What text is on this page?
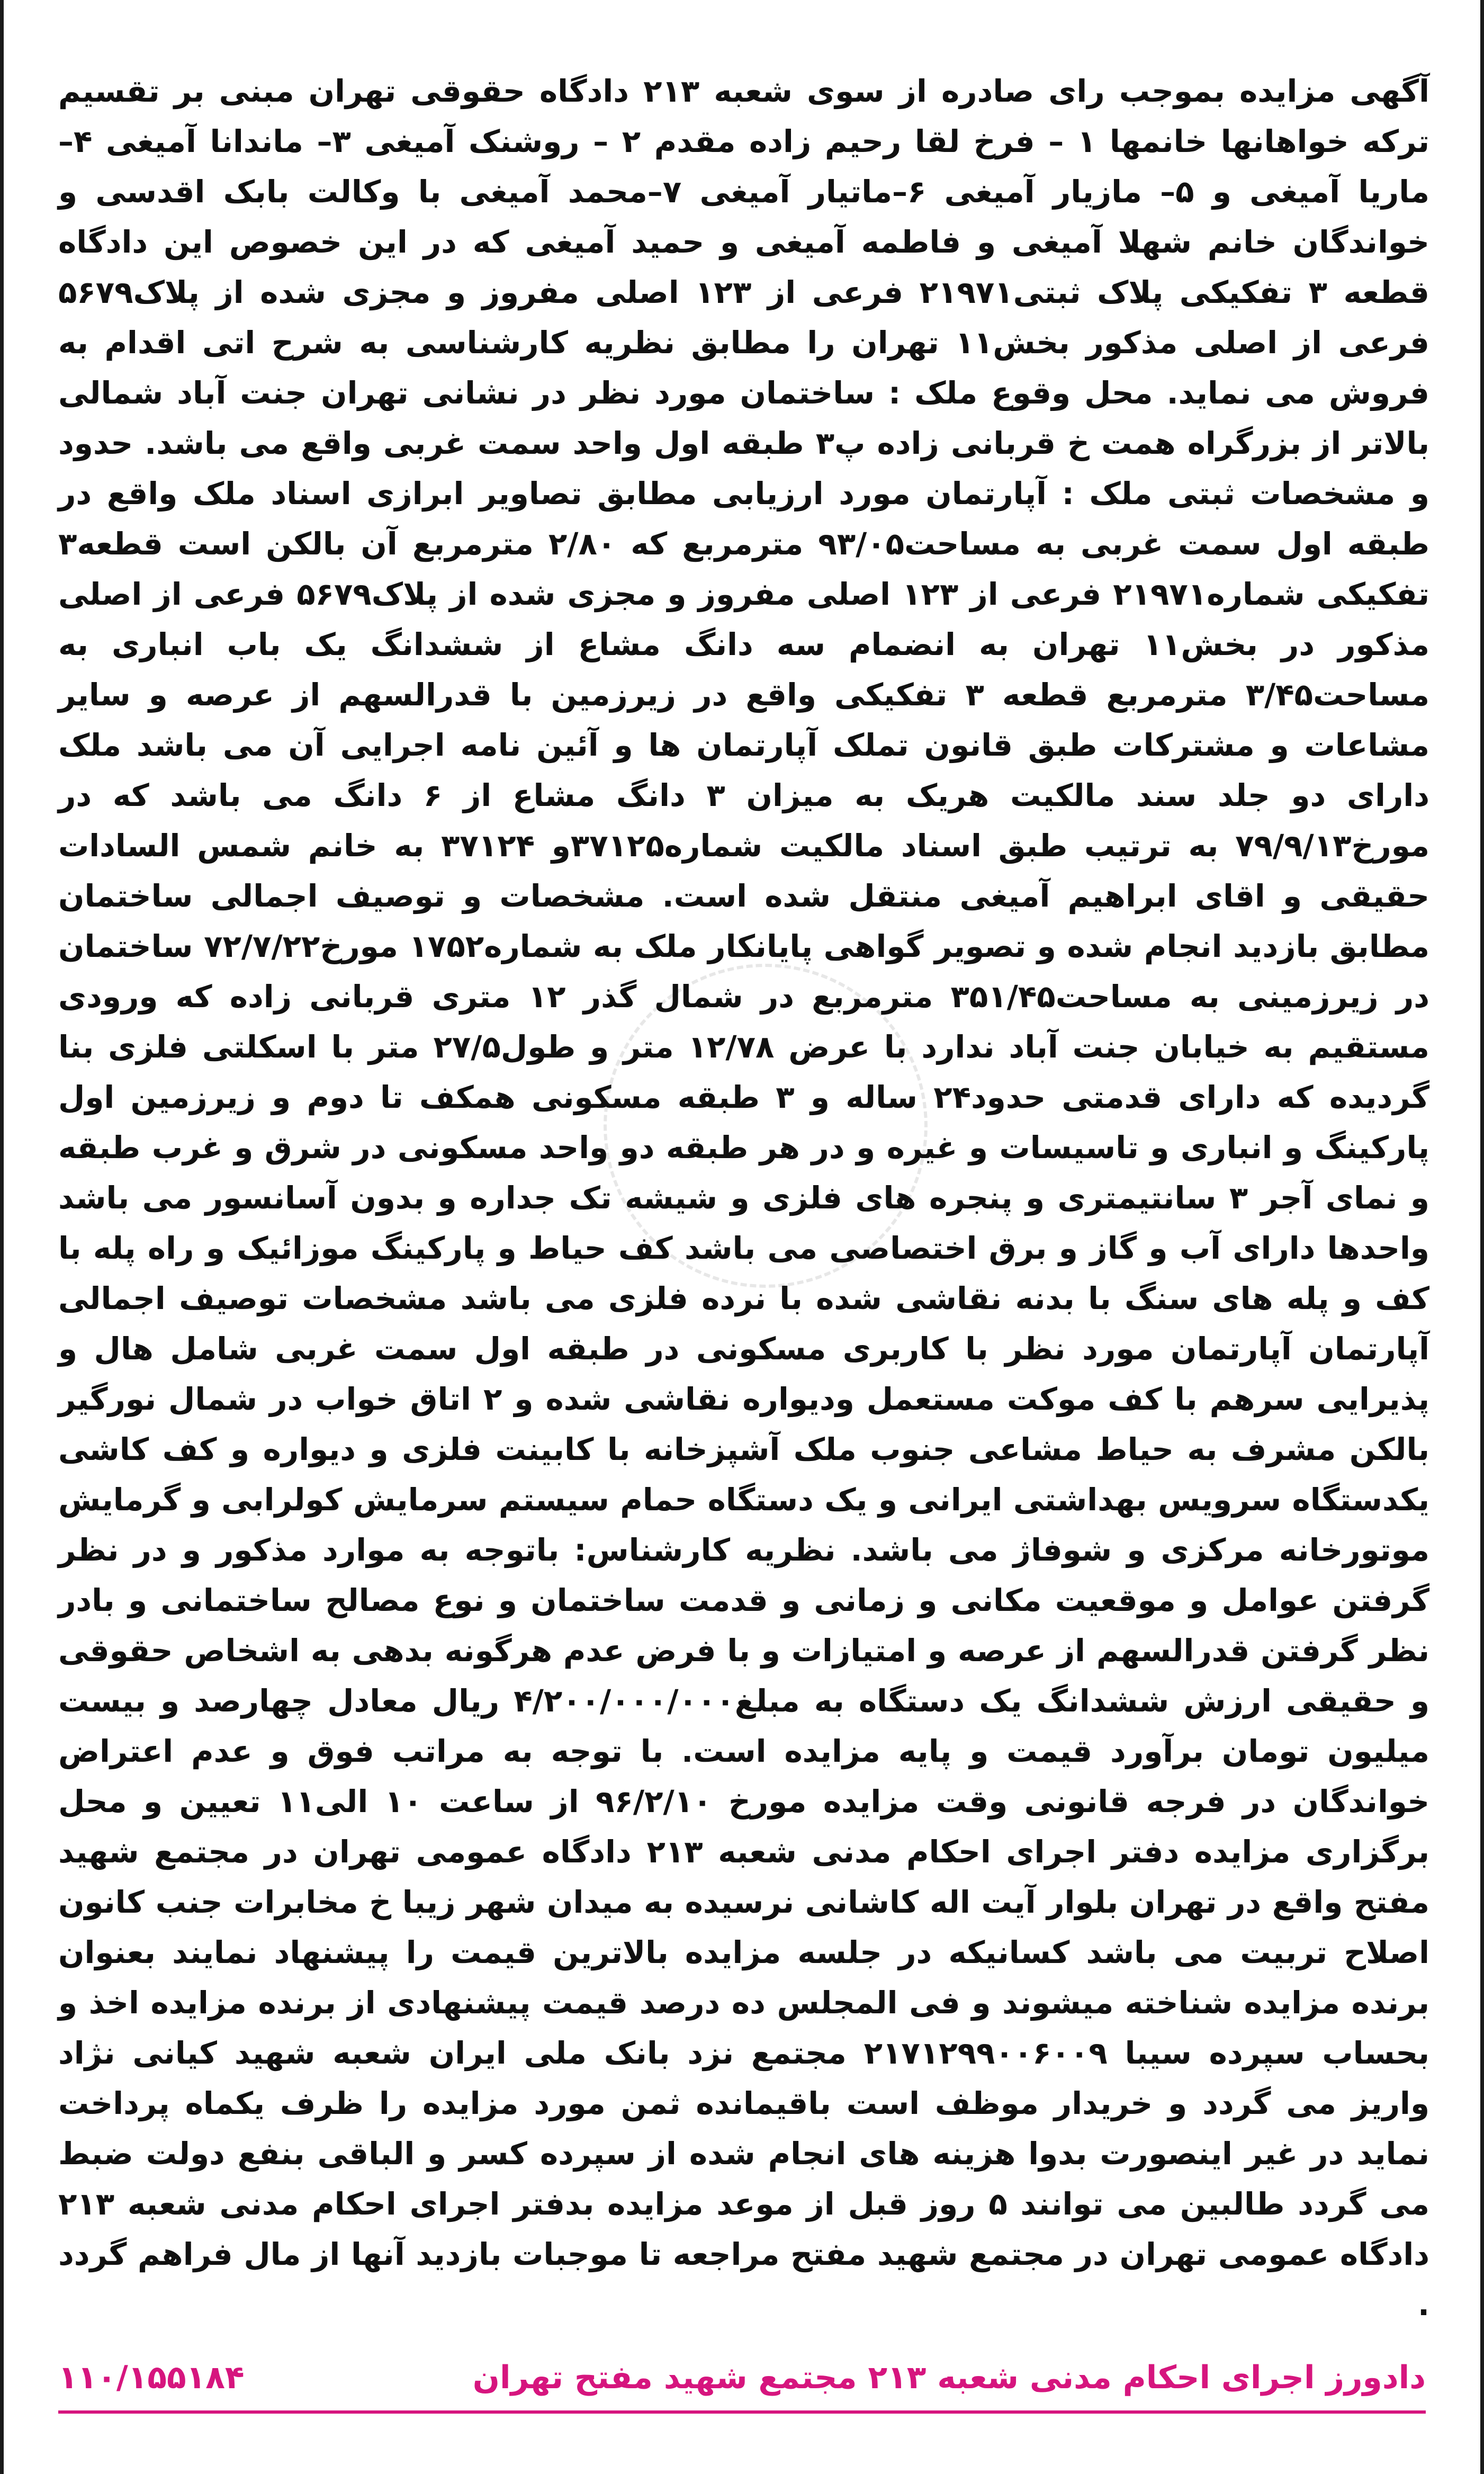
آگهی مزایده بموجب رای صادره از سوی شعبه ۲۱۳ دادگاه حقوقی تهران مبنی بر تقسیم ترکه خواهانها خانمها ۱ – فرخ لقا رحیم زاده مقدم ۲ – روشنک آمیغی ۳– ماندانا آمیغی ۴– ماریا آمیغی و ۵– مازیار آمیغی ۶–ماتیار آمیغی ۷–محمد آمیغی با وکالت بابک اقدسی و خواندگان خانم شهلا آمیغی و فاطمه آمیغی و حمید آمیغی که در این خصوص این دادگاه قطعه ۳ تفکیکی پلاک ثبتی۲۱۹۷۱ فرعی از ۱۲۳ اصلی مفروز و مجزی شده از پلاک۵۶۷۹ فرعی از اصلی مذکور بخش۱۱ تهران را مطابق نظریه کارشناسی به شرح اتی اقدام به فروش می نماید. محل وقوع ملک : ساختمان مورد نظر در نشانی تهران جنت آباد شمالی بالاتر از بزرگراه همت خ قربانی زاده پ۳ طبقه اول واحد سمت غربی واقع می باشد. حدود و مشخصات ثبتی ملک : آپارتمان مورد ارزیابی مطابق تصاویر ابرازی اسناد ملک واقع در طبقه اول سمت غربی به مساحت۹۳/۰۵ مترمربع که ۲/۸۰ مترمربع آن بالکن است قطعه۳ تفکیکی شماره۲۱۹۷۱ فرعی از ۱۲۳ اصلی مفروز و مجزی شده از پلاک۵۶۷۹ فرعی از اصلی مذکور در بخش۱۱ تهران به انضمام سه دانگ مشاع از ششدانگ یک باب انباری به مساحت۳/۴۵ مترمربع قطعه ۳ تفکیکی واقع در زیرزمین با قدرالسهم از عرصه و سایر مشاعات و مشترکات طبق قانون تملک آپارتمان ها و آئین نامه اجرایی آن می باشد ملک دارای دو جلد سند مالکیت هریک به میزان ۳ دانگ مشاع از ۶ دانگ می باشد که در مورخ۷۹/۹/۱۳ به ترتیب طبق اسناد مالکیت شماره۳۷۱۲۵و ۳۷۱۲۴ به خانم شمس السادات حقیقی و اقای ابراهیم آمیغی منتقل شده است. مشخصات و توصیف اجمالی ساختمان مطابق بازدید انجام شده و تصویر گواهی پایانکار ملک به شماره۱۷۵۲ مورخ۷۲/۷/۲۲ ساختمان در زیرزمینی به مساحت۳۵۱/۴۵ مترمربع در شمال گذر ۱۲ متری قربانی زاده که ورودی مستقیم به خیابان جنت آباد ندارد با عرض ۱۲/۷۸ متر و طول۲۷/۵ متر با اسکلتی فلزی بنا گردیده که دارای قدمتی حدود۲۴ ساله و ۳ طبقه مسکونی همکف تا دوم و زیرزمین اول پارکینگ و انباری و تاسیسات و غیره و در هر طبقه دو واحد مسکونی در شرق و غرب طبقه و نمای آجر ۳ سانتیمتری و پنجره های فلزی و شیشه تک جداره و بدون آسانسور می باشد واحدها دارای آب و گاز و برق اختصاصی می باشد کف حیاط و پارکینگ موزائیک و راه پله با کف و پله های سنگ با بدنه نقاشی شده با نرده فلزی می باشد مشخصات توصیف اجمالی آپارتمان آپارتمان مورد نظر با کاربری مسکونی در طبقه اول سمت غربی شامل هال و پذیرایی سرهم با کف موکت مستعمل ودیواره نقاشی شده و ۲ اتاق خواب در شمال نورگیر بالکن مشرف به حیاط مشاعی جنوب ملک آشپزخانه با کابینت فلزی و دیواره و کف کاشی یکدستگاه سرویس بهداشتی ایرانی و یک دستگاه حمام سیستم سرمایش کولرابی و گرمایش موتورخانه مرکزی و شوفاژ می باشد. نظریه کارشناس: باتوجه به موارد مذکور و در نظر گرفتن عوامل و موقعیت مکانی و زمانی و قدمت ساختمان و نوع مصالح ساختمانی و بادر نظر گرفتن قدرالسهم از عرصه و امتیازات و با فرض عدم هرگونه بدهی به اشخاص حقوقی و حقیقی ارزش ششدانگ یک دستگاه به مبلغ۴/۲۰۰/۰۰۰/۰۰۰ ریال معادل چهارصد و بیست میلیون تومان برآورد قیمت و پایه مزایده است. با توجه به مراتب فوق و عدم اعتراض خواندگان در فرجه قانونی وقت مزایده مورخ ۹۶/۲/۱۰ از ساعت ۱۰ الی۱۱ تعیین و محل برگزاری مزایده دفتر اجرای احکام مدنی شعبه ۲۱۳ دادگاه عمومی تهران در مجتمع شهید مفتح واقع در تهران بلوار آیت اله کاشانی نرسیده به میدان شهر زیبا خ مخابرات جنب کانون اصلاح تربیت می باشد کسانیکه در جلسه مزایده بالاترین قیمت را پیشنهاد نمایند بعنوان برنده مزایده شناخته میشوند و فی المجلس ده درصد قیمت پیشنهادی از برنده مزایده اخذ و بحساب سپرده سیبا ۲۱۷۱۲۹۹۰۰۶۰۰۹ مجتمع نزد بانک ملی ایران شعبه شهید کیانی نژاد واریز می گردد و خریدار موظف است باقیمانده ثمن مورد مزایده را ظرف یکماه پرداخت نماید در غیر اینصورت بدوا هزینه های انجام شده از سپرده کسر و الباقی بنفع دولت ضبط می گردد طالبین می توانند ۵ روز قبل از موعد مزایده بدفتر اجرای احکام مدنی شعبه ۲۱۳ دادگاه عمومی تهران در مجتمع شهید مفتح مراجعه تا موجبات بازدید آنها از مال فراهم گردد .
دادورز اجرای احکام مدنی شعبه ۲۱۳ مجتمع شهید مفتح تهران
۱۱۰/۱۵۵۱۸۴
